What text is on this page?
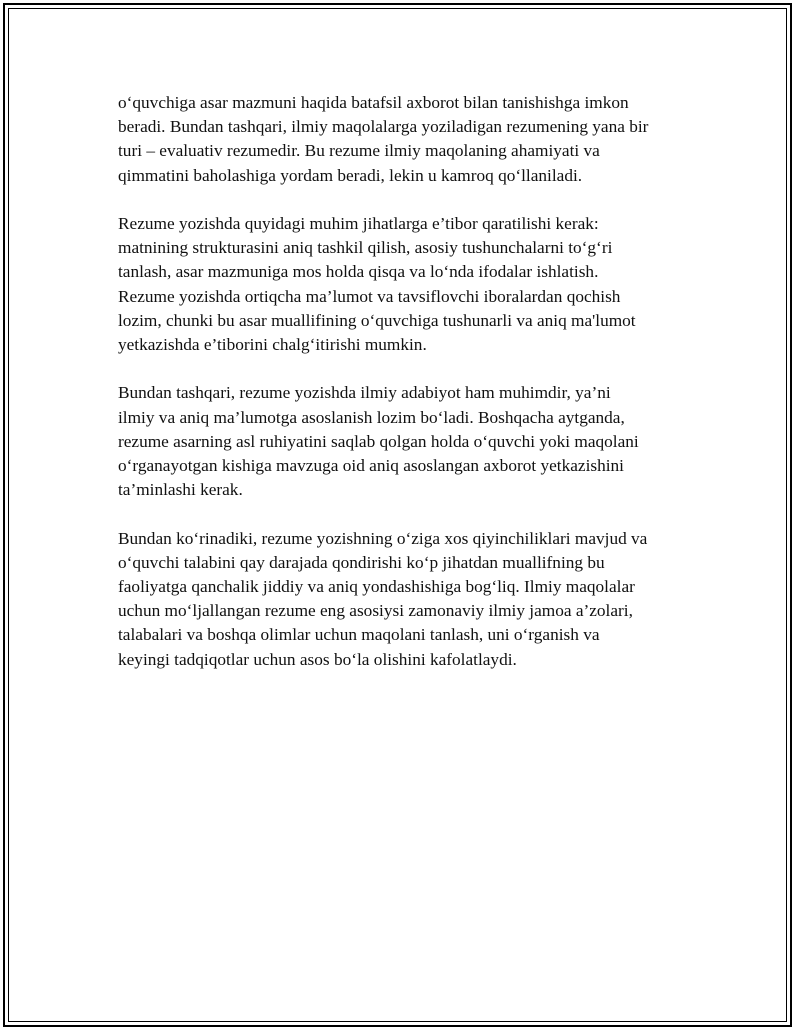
o‘quvchiga asar mazmuni haqida batafsil axborot bilan tanishishga imkon
beradi. Bundan tashqari, ilmiy maqolalarga yoziladigan rezumening yana bir
turi – evaluativ rezumedir. Bu rezume ilmiy maqolaning ahamiyati va
qimmatini baholashiga yordam beradi, lekin u kamroq qo‘llaniladi.

Rezume yozishda quyidagi muhim jihatlarga e’tibor qaratilishi kerak:
matnining strukturasini aniq tashkil qilish, asosiy tushunchalarni to‘g‘ri
tanlash, asar mazmuniga mos holda qisqa va lo‘nda ifodalar ishlatish.
Rezume yozishda ortiqcha ma’lumot va tavsiflovchi iboralardan qochish
lozim, chunki bu asar muallifining o‘quvchiga tushunarli va aniq ma'lumot
yetkazishda e’tiborini chalg‘itirishi mumkin.

Bundan tashqari, rezume yozishda ilmiy adabiyot ham muhimdir, ya’ni
ilmiy va aniq ma’lumotga asoslanish lozim bo‘ladi. Boshqacha aytganda,
rezume asarning asl ruhiyatini saqlab qolgan holda o‘quvchi yoki maqolani
o‘rganayotgan kishiga mavzuga oid aniq asoslangan axborot yetkazishini
ta’minlashi kerak.

Bundan ko‘rinadiki, rezume yozishning o‘ziga xos qiyinchiliklari mavjud va
o‘quvchi talabini qay darajada qondirishi ko‘p jihatdan muallifning bu
faoliyatga qanchalik jiddiy va aniq yondashishiga bog‘liq. Ilmiy maqolalar
uchun mo‘ljallangan rezume eng asosiysi zamonaviy ilmiy jamoa a’zolari,
talabalari va boshqa olimlar uchun maqolani tanlash, uni o‘rganish va
keyingi tadqiqotlar uchun asos bo‘la olishini kafolatlaydi.
